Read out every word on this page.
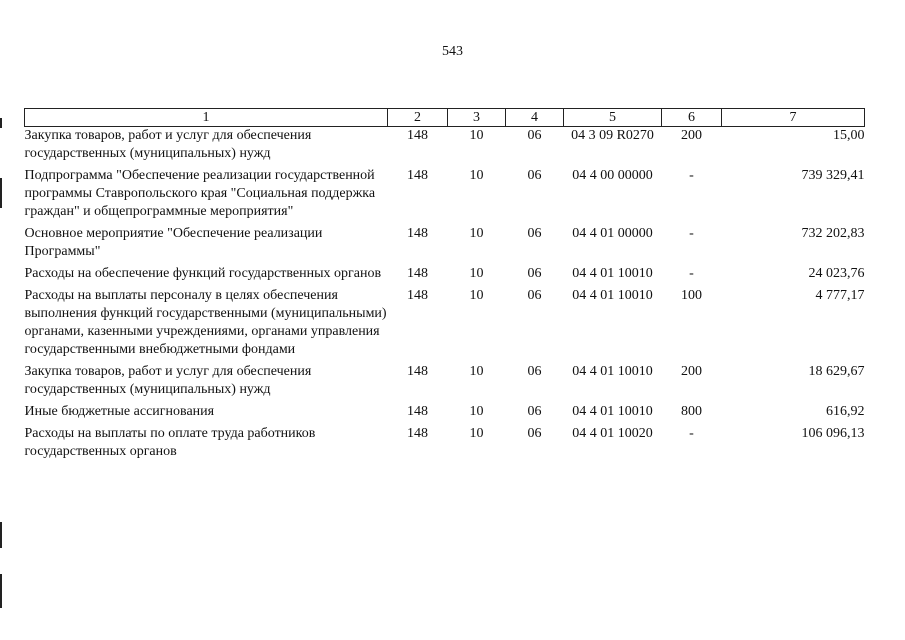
543
1	2	3	4	5	6	7
Закупка товаров, работ и услуг для обеспечения государственных (муниципальных) нужд	148	10	06	04 3 09 R0270	200	15,00
Подпрограмма "Обеспечение реализации государственной программы Ставропольского края "Социальная поддержка граждан" и общепрограммные мероприятия"	148	10	06	04 4 00 00000	-	739 329,41
Основное мероприятие "Обеспечение реализации Программы"	148	10	06	04 4 01 00000	-	732 202,83
Расходы на обеспечение функций государственных органов	148	10	06	04 4 01 10010	-	24 023,76
Расходы на выплаты персоналу в целях обеспечения выполнения функций государственными (муниципальными) органами, казенными учреждениями, органами управления государственными внебюджетными фондами	148	10	06	04 4 01 10010	100	4 777,17
Закупка товаров, работ и услуг для обеспечения государственных (муниципальных) нужд	148	10	06	04 4 01 10010	200	18 629,67
Иные бюджетные ассигнования	148	10	06	04 4 01 10010	800	616,92
Расходы на выплаты по оплате труда работников государственных органов	148	10	06	04 4 01 10020	-	106 096,13
